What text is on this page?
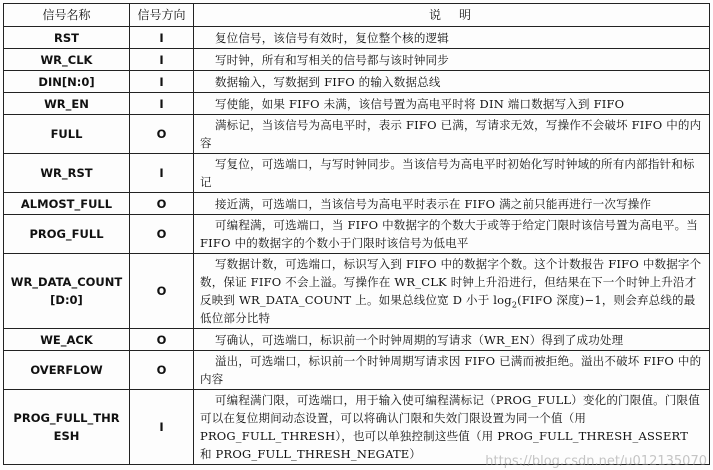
信号名称	信号方向	说　明
RST	I	复位信号，该信号有效时，复位整个核的逻辑
WR_CLK	I	写时钟，所有和写相关的信号都与该时钟同步
DIN[N:0]	I	数据输入，写数据到 FIFO 的输入数据总线
WR_EN	I	写使能，如果 FIFO 未满，该信号置为高电平时将 DIN 端口数据写入到 FIFO
FULL	O	满标记，当该信号为高电平时，表示 FIFO 已满，写请求无效，写操作不会破坏 FIFO 中的内容
WR_RST	I	写复位，可选端口，与写时钟同步。当该信号为高电平时初始化写时钟域的所有内部指针和标记
ALMOST_FULL	O	接近满，可选端口，当该信号为高电平时表示在 FIFO 满之前只能再进行一次写操作
PROG_FULL	O	可编程满，可选端口，当 FIFO 中数据字的个数大于或等于给定门限时该信号置为高电平。当 FIFO 中的数据字的个数小于门限时该信号为低电平
WR_DATA_COUNT [D:0]	O	写数据计数，可选端口，标识写入到 FIFO 中的数据字个数。这个计数报告 FIFO 中数据字个数，保证 FIFO 不会上溢。写操作在 WR_CLK 时钟上升沿进行，但结果在下一个时钟上升沿才反映到 WR_DATA_COUNT 上。如果总线位宽 D 小于 $\log_2(FIFO$ 深度)−1，则会弃总线的最低位部分比特
WE_ACK	O	写确认，可选端口，标识前一个时钟周期的写请求（WR_EN）得到了成功处理
OVERFLOW	O	溢出，可选端口，标识前一个时钟周期写请求因 FIFO 已满而被拒绝。溢出不破坏 FIFO 中的内容
PROG_FULL_THRESH	I	可编程满门限，可选端口，用于输入使可编程满标记（PROG_FULL）变化的门限值。门限值可以在复位期间动态设置，可以将确认门限和失效门限设置为同一个值（用 PROG_FULL_THRESH），也可以单独控制这些值（用 PROG_FULL_THRESH_ASSERT 和 PROG_FULL_THRESH_NEGATE）	https://blog.csdn.net/u012135070
